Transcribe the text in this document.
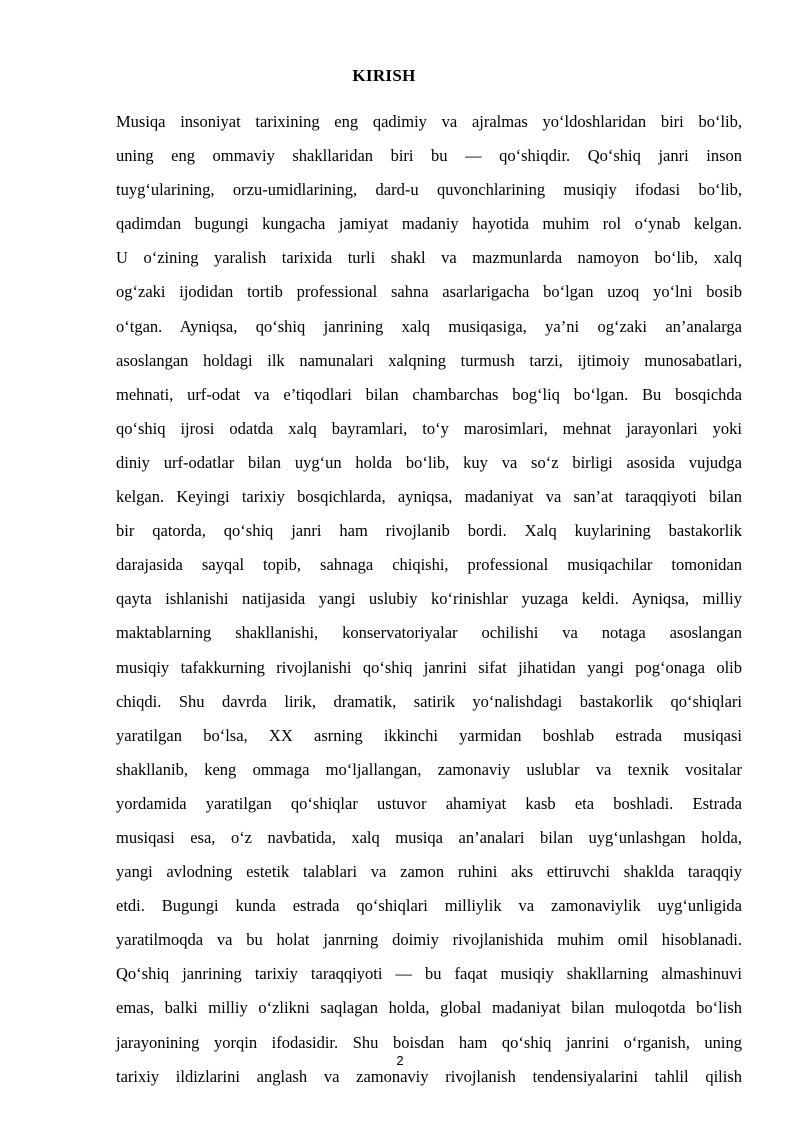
KIRISH
Musiqa insoniyat tarixining eng qadimiy va ajralmas yo‘ldoshlaridan biri bo‘lib,
uning eng ommaviy shakllaridan biri bu — qo‘shiqdir. Qo‘shiq janri inson
tuyg‘ularining, orzu-umidlarining, dard-u quvonchlarining musiqiy ifodasi bo‘lib,
qadimdan bugungi kungacha jamiyat madaniy hayotida muhim rol o‘ynab kelgan.
U o‘zining yaralish tarixida turli shakl va mazmunlarda namoyon bo‘lib, xalq
og‘zaki ijodidan tortib professional sahna asarlarigacha bo‘lgan uzoq yo‘lni bosib
o‘tgan. Ayniqsa, qo‘shiq janrining xalq musiqasiga, ya’ni og‘zaki an’analarga
asoslangan holdagi ilk namunalari xalqning turmush tarzi, ijtimoiy munosabatlari,
mehnati, urf-odat va e’tiqodlari bilan chambarchas bog‘liq bo‘lgan. Bu bosqichda
qo‘shiq ijrosi odatda xalq bayramlari, to‘y marosimlari, mehnat jarayonlari yoki
diniy urf-odatlar bilan uyg‘un holda bo‘lib, kuy va so‘z birligi asosida vujudga
kelgan. Keyingi tarixiy bosqichlarda, ayniqsa, madaniyat va san’at taraqqiyoti bilan
bir qatorda, qo‘shiq janri ham rivojlanib bordi. Xalq kuylarining bastakorlik
darajasida sayqal topib, sahnaga chiqishi, professional musiqachilar tomonidan
qayta ishlanishi natijasida yangi uslubiy ko‘rinishlar yuzaga keldi. Ayniqsa, milliy
maktablarning shakllanishi, konservatoriyalar ochilishi va notaga asoslangan
musiqiy tafakkurning rivojlanishi qo‘shiq janrini sifat jihatidan yangi pog‘onaga olib
chiqdi. Shu davrda lirik, dramatik, satirik yo‘nalishdagi bastakorlik qo‘shiqlari
yaratilgan bo‘lsa, XX asrning ikkinchi yarmidan boshlab estrada musiqasi
shakllanib, keng ommaga mo‘ljallangan, zamonaviy uslublar va texnik vositalar
yordamida yaratilgan qo‘shiqlar ustuvor ahamiyat kasb eta boshladi. Estrada
musiqasi esa, o‘z navbatida, xalq musiqa an’analari bilan uyg‘unlashgan holda,
yangi avlodning estetik talablari va zamon ruhini aks ettiruvchi shaklda taraqqiy
etdi. Bugungi kunda estrada qo‘shiqlari milliylik va zamonaviylik uyg‘unligida
yaratilmoqda va bu holat janrning doimiy rivojlanishida muhim omil hisoblanadi.
Qo‘shiq janrining tarixiy taraqqiyoti — bu faqat musiqiy shakllarning almashinuvi
emas, balki milliy o‘zlikni saqlagan holda, global madaniyat bilan muloqotda bo‘lish
jarayonining yorqin ifodasidir. Shu boisdan ham qo‘shiq janrini o‘rganish, uning
tarixiy ildizlarini anglash va zamonaviy rivojlanish tendensiyalarini tahlil qilish
2
